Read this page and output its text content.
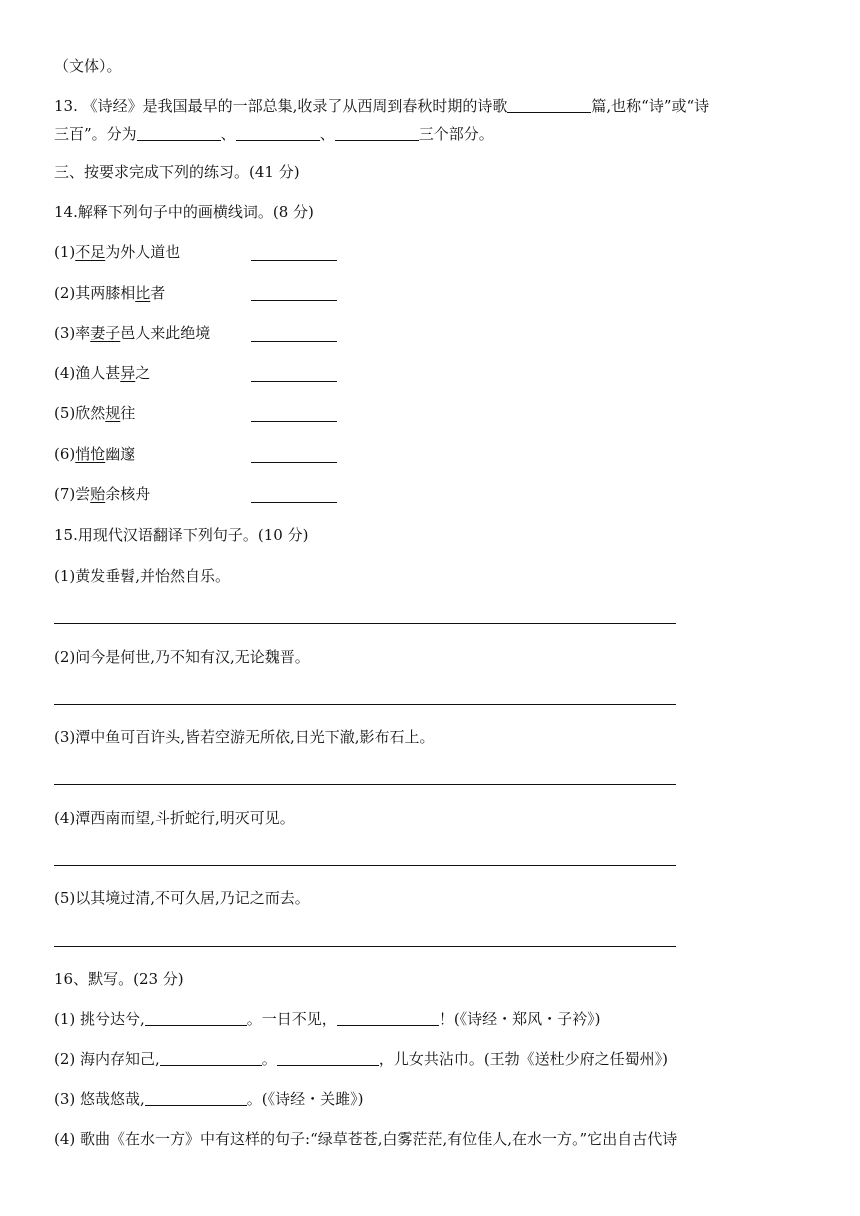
（文体）。
13. 《诗经》是我国最早的一部总集,收录了从西周到春秋时期的诗歌	篇,也称“诗”或“诗
三百”。分为	、	、	三个部分。
三、按要求完成下列的练习。(41 分)
14.解释下列句子中的画横线词。(8 分)
(1)不足为外人道也
(2)其两膝相比者
(3)率妻子邑人来此绝境
(4)渔人甚异之
(5)欣然规往
(6)悄怆幽邃
(7)尝贻余核舟
15.用现代汉语翻译下列句子。(10 分)
(1)黄发垂髫,并怡然自乐。
(2)问今是何世,乃不知有汉,无论魏晋。
(3)潭中鱼可百许头,皆若空游无所依,日光下澈,影布石上。
(4)潭西南而望,斗折蛇行,明灭可见。
(5)以其境过清,不可久居,乃记之而去。
16、默写。(23 分)
(1) 挑兮达兮,	。一日不见，	！(《诗经・郑风・子衿》)
(2) 海内存知己,	。	，儿女共沾巾。(王勃《送杜少府之任蜀州》)
(3) 悠哉悠哉,	。(《诗经・关雎》)
(4) 歌曲《在水一方》中有这样的句子:“绿草苍苍,白雾茫茫,有位佳人,在水一方。”它出自古代诗
